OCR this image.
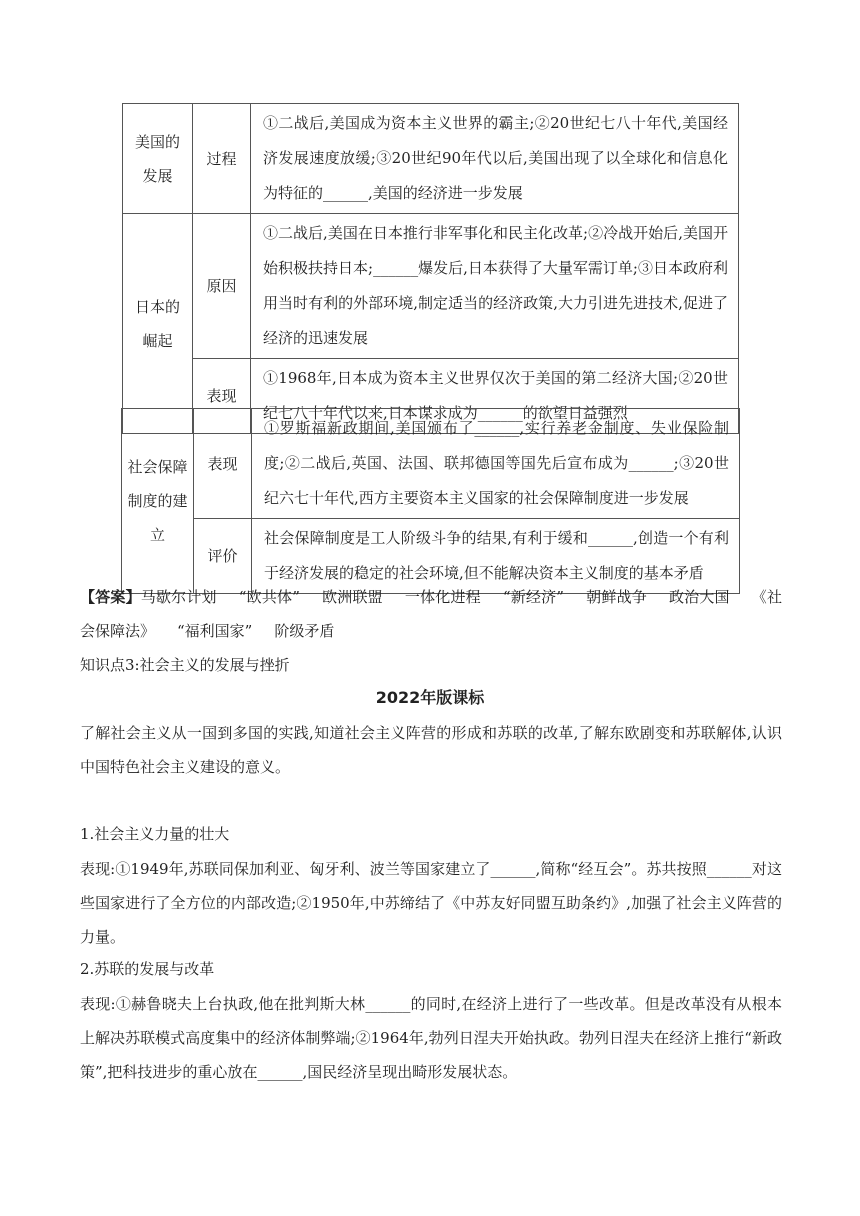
美国的发展	过程	①二战后,美国成为资本主义世界的霸主;②20世纪七八十年代,美国经济发展速度放缓;③20世纪90年代以后,美国出现了以全球化和信息化为特征的______,美国的经济进一步发展
日本的崛起	原因	①二战后,美国在日本推行非军事化和民主化改革;②冷战开始后,美国开始积极扶持日本;______爆发后,日本获得了大量军需订单;③日本政府利用当时有利的外部环境,制定适当的经济政策,大力引进先进技术,促进了经济的迅速发展
	表现	①1968年,日本成为资本主义世界仅次于美国的第二经济大国;②20世纪七八十年代以来,日本谋求成为______的欲望日益强烈
社会保障制度的建立	表现	①罗斯福新政期间,美国颁布了______,实行养老金制度、失业保险制度;②二战后,英国、法国、联邦德国等国先后宣布成为______;③20世纪六七十年代,西方主要资本主义国家的社会保障制度进一步发展
	评价	社会保障制度是工人阶级斗争的结果,有利于缓和______,创造一个有利于经济发展的稳定的社会环境,但不能解决资本主义制度的基本矛盾
【答案】马歇尔计划 “欧共体” 欧洲联盟 一体化进程 “新经济” 朝鲜战争 政治大国 《社会保障法》 “福利国家” 阶级矛盾
知识点3:社会主义的发展与挫折
2022年版课标
了解社会主义从一国到多国的实践,知道社会主义阵营的形成和苏联的改革,了解东欧剧变和苏联解体,认识中国特色社会主义建设的意义。
1.社会主义力量的壮大
表现:①1949年,苏联同保加利亚、匈牙利、波兰等国家建立了______,简称“经互会”。苏共按照______对这些国家进行了全方位的内部改造;②1950年,中苏缔结了《中苏友好同盟互助条约》,加强了社会主义阵营的力量。
2.苏联的发展与改革
表现:①赫鲁晓夫上台执政,他在批判斯大林______的同时,在经济上进行了一些改革。但是改革没有从根本上解决苏联模式高度集中的经济体制弊端;②1964年,勃列日涅夫开始执政。勃列日涅夫在经济上推行“新政策”,把科技进步的重心放在______,国民经济呈现出畸形发展状态。
